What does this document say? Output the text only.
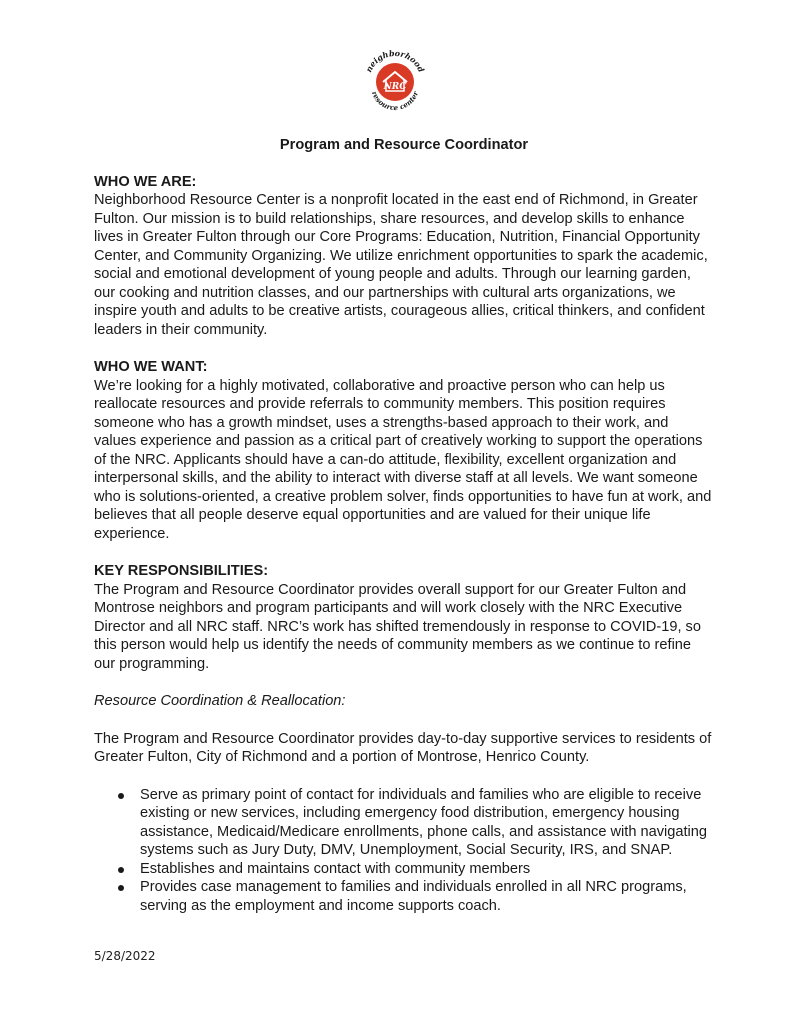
neighborhood
NRC
resource center
Program and Resource Coordinator

WHO WE ARE:

Neighborhood Resource Center is a nonprofit located in the east end of Richmond, in Greater Fulton. Our mission is to build relationships, share resources, and develop skills to enhance lives in Greater Fulton through our Core Programs: Education, Nutrition, Financial Opportunity Center, and Community Organizing. We utilize enrichment opportunities to spark the academic, social and emotional development of young people and adults. Through our learning garden, our cooking and nutrition classes, and our partnerships with cultural arts organizations, we inspire youth and adults to be creative artists, courageous allies, critical thinkers, and confident leaders in their community.

WHO WE WANT:

We’re looking for a highly motivated, collaborative and proactive person who can help us reallocate resources and provide referrals to community members. This position requires someone who has a growth mindset, uses a strengths-based approach to their work, and values experience and passion as a critical part of creatively working to support the operations of the NRC. Applicants should have a can-do attitude, flexibility, excellent organization and interpersonal skills, and the ability to interact with diverse staff at all levels. We want someone who is solutions-oriented, a creative problem solver, finds opportunities to have fun at work, and believes that all people deserve equal opportunities and are valued for their unique life experience.

KEY RESPONSIBILITIES:

The Program and Resource Coordinator provides overall support for our Greater Fulton and Montrose neighbors and program participants and will work closely with the NRC Executive Director and all NRC staff. NRC’s work has shifted tremendously in response to COVID-19, so this person would help us identify the needs of community members as we continue to refine our programming.

Resource Coordination & Reallocation:

The Program and Resource Coordinator provides day-to-day supportive services to residents of Greater Fulton, City of Richmond and a portion of Montrose, Henrico County.

Serve as primary point of contact for individuals and families who are eligible to receive existing or new services, including emergency food distribution, emergency housing assistance, Medicaid/Medicare enrollments, phone calls, and assistance with navigating systems such as Jury Duty, DMV, Unemployment, Social Security, IRS, and SNAP.
Establishes and maintains contact with community members
Provides case management to families and individuals enrolled in all NRC programs, serving as the employment and income supports coach.
5/28/2022
